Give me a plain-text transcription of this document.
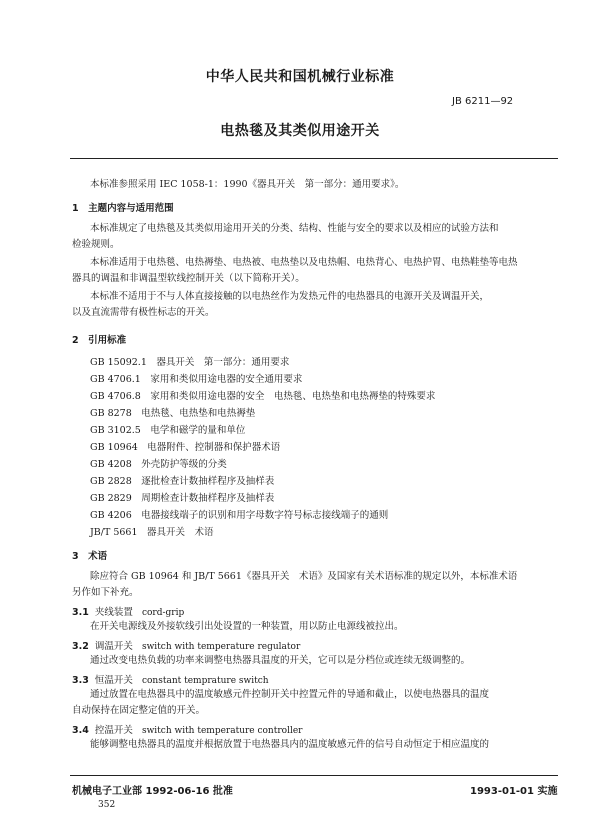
中华人民共和国机械行业标准
JB 6211—92
电热毯及其类似用途开关
本标准参照采用 IEC 1058-1：1990《器具开关　第一部分：通用要求》。
1　主题内容与适用范围
本标准规定了电热毯及其类似用途用开关的分类、结构、性能与安全的要求以及相应的试验方法和
检验规则。
本标准适用于电热毯、电热褥垫、电热被、电热垫以及电热帽、电热背心、电热护胃、电热鞋垫等电热
器具的调温和非调温型软线控制开关（以下简称开关）。
本标准不适用于不与人体直接接触的以电热丝作为发热元件的电热器具的电源开关及调温开关，
以及直流需带有极性标志的开关。
2　引用标准
GB 15092.1　器具开关　第一部分：通用要求
GB 4706.1　家用和类似用途电器的安全通用要求
GB 4706.8　家用和类似用途电器的安全　电热毯、电热垫和电热褥垫的特殊要求
GB 8278　电热毯、电热垫和电热褥垫
GB 3102.5　电学和磁学的量和单位
GB 10964　电器附件、控制器和保护器术语
GB 4208　外壳防护等级的分类
GB 2828　逐批检查计数抽样程序及抽样表
GB 2829　周期检查计数抽样程序及抽样表
GB 4206　电器接线端子的识别和用字母数字符号标志接线端子的通则
JB/T 5661　器具开关　术语
3　术语
除应符合 GB 10964 和 JB/T 5661《器具开关　术语》及国家有关术语标准的规定以外，本标准术语
另作如下补充。
3.1 夹线装置 cord-grip
在开关电源线及外接软线引出处设置的一种装置，用以防止电源线被拉出。
3.2 调温开关 switch with temperature regulator
通过改变电热负载的功率来调整电热器具温度的开关，它可以是分档位或连续无级调整的。
3.3 恒温开关 constant temprature switch
通过放置在电热器具中的温度敏感元件控制开关中控置元件的导通和截止，以使电热器具的温度
自动保持在固定整定值的开关。
3.4 控温开关 switch with temperature controller
能够调整电热器具的温度并根据放置于电热器具内的温度敏感元件的信号自动恒定于相应温度的
机械电子工业部 1992-06-16 批准	1993-01-01 实施
352
